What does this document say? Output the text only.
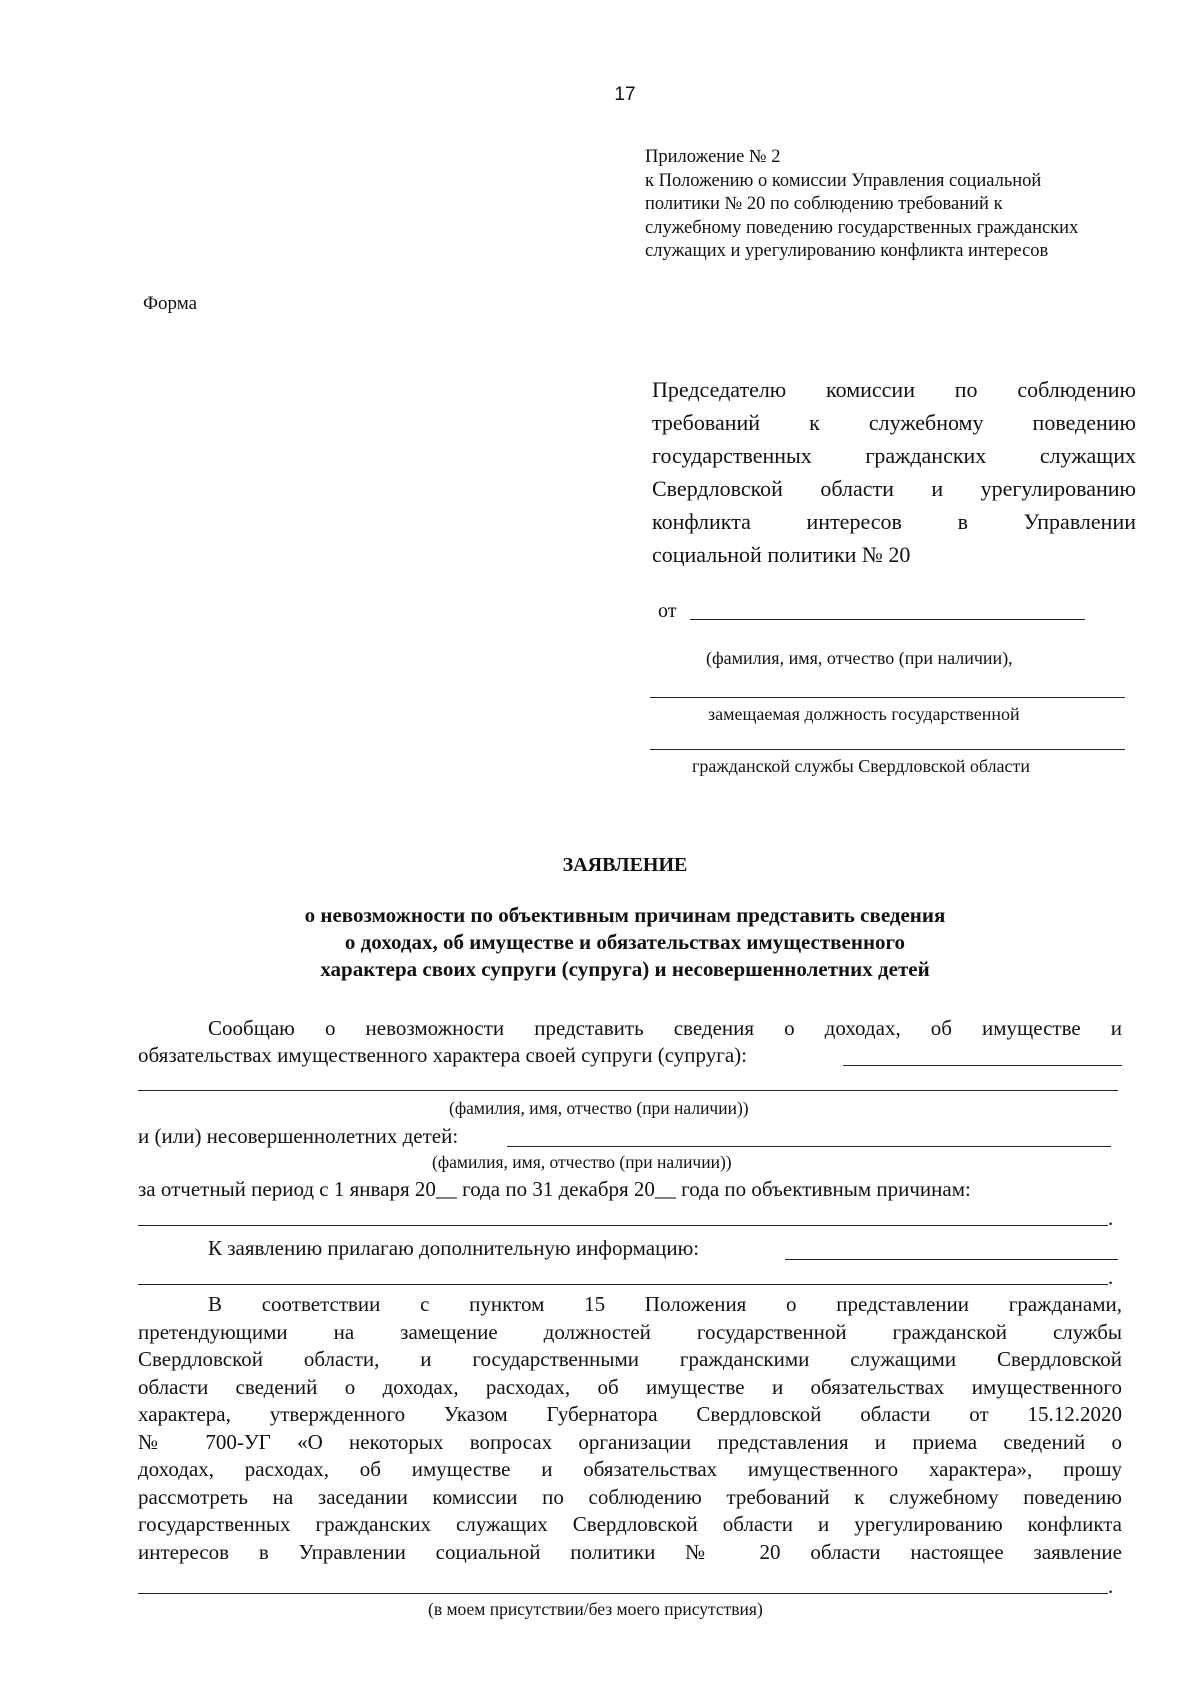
17
Приложение № 2
к Положению о комиссии Управления социальной
политики № 20 по соблюдению требований к
служебному поведению государственных гражданских
служащих и урегулированию конфликта интересов
Форма
Председателю комиссии по соблюдению
требований к служебному поведению
государственных гражданских служащих
Свердловской области и урегулированию
конфликта интересов в Управлении
социальной политики № 20
от
(фамилия, имя, отчество (при наличии),
замещаемая должность государственной
гражданской службы Свердловской области
ЗАЯВЛЕНИЕ
о невозможности по объективным причинам представить сведения
о доходах, об имуществе и обязательствах имущественного
характера своих супруги (супруга) и несовершеннолетних детей
Сообщаю о невозможности представить сведения о доходах, об имуществе и
обязательствах имущественного характера своей супруги (супруга):
(фамилия, имя, отчество (при наличии))
и (или) несовершеннолетних детей:
(фамилия, имя, отчество (при наличии))
за отчетный период с 1 января 20__ года по 31 декабря 20__ года по объективным причинам:
.
К заявлению прилагаю дополнительную информацию:
.
В соответствии с пунктом 15 Положения о представлении гражданами,
претендующими на замещение должностей государственной гражданской службы
Свердловской области, и государственными гражданскими служащими Свердловской
области сведений о доходах, расходах, об имуществе и обязательствах имущественного
характера, утвержденного Указом Губернатора Свердловской области от 15.12.2020
№ 700-УГ «О некоторых вопросах организации представления и приема сведений о
доходах, расходах, об имуществе и обязательствах имущественного характера», прошу
рассмотреть на заседании комиссии по соблюдению требований к служебному поведению
государственных гражданских служащих Свердловской области и урегулированию конфликта
интересов в Управлении социальной политики № 20 области настоящее заявление
.
(в моем присутствии/без моего присутствия)
